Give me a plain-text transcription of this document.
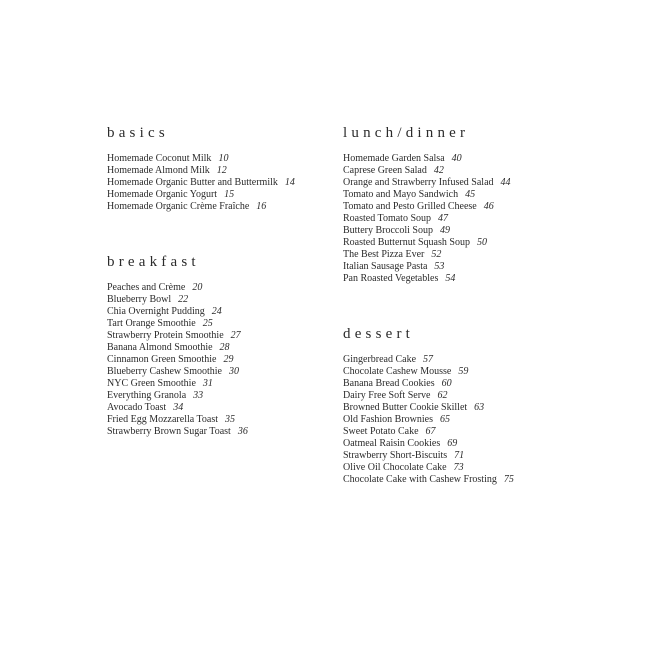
basics
Homemade Coconut Milk 10
Homemade Almond Milk 12
Homemade Organic Butter and Buttermilk 14
Homemade Organic Yogurt 15
Homemade Organic Crème Fraîche 16
breakfast
Peaches and Crème 20
Blueberry Bowl 22
Chia Overnight Pudding 24
Tart Orange Smoothie 25
Strawberry Protein Smoothie 27
Banana Almond Smoothie 28
Cinnamon Green Smoothie 29
Blueberry Cashew Smoothie 30
NYC Green Smoothie 31
Everything Granola 33
Avocado Toast 34
Fried Egg Mozzarella Toast 35
Strawberry Brown Sugar Toast 36
lunch/dinner
Homemade Garden Salsa 40
Caprese Green Salad 42
Orange and Strawberry Infused Salad 44
Tomato and Mayo Sandwich 45
Tomato and Pesto Grilled Cheese 46
Roasted Tomato Soup 47
Buttery Broccoli Soup 49
Roasted Butternut Squash Soup 50
The Best Pizza Ever 52
Italian Sausage Pasta 53
Pan Roasted Vegetables 54
dessert
Gingerbread Cake 57
Chocolate Cashew Mousse 59
Banana Bread Cookies 60
Dairy Free Soft Serve 62
Browned Butter Cookie Skillet 63
Old Fashion Brownies 65
Sweet Potato Cake 67
Oatmeal Raisin Cookies 69
Strawberry Short-Biscuits 71
Olive Oil Chocolate Cake 73
Chocolate Cake with Cashew Frosting 75
